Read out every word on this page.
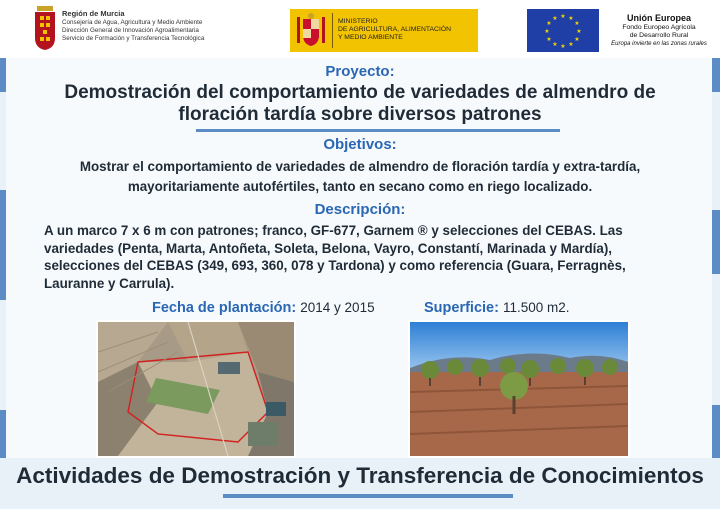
Región de Murcia
Consejería de Agua, Agricultura y Medio Ambiente
Dirección General de Innovación Agroalimentaria
Servicio de Formación y Transferencia Tecnológica
MINISTERIO
DE AGRICULTURA, ALIMENTACIÓN
Y MEDIO AMBIENTE
★ ★
★
★
★
★
★
★
★
★
★
★	Unión Europea
Fondo Europeo Agrícola
de Desarrollo Rural
Europa invierte en las zonas rurales
Proyecto:
Demostración del comportamiento de variedades de almendro de
floración tardía sobre diversos patrones
Objetivos:
Mostrar el comportamiento de variedades de almendro de floración tardía y extra-tardía,
mayoritariamente autofértiles, tanto en secano como en riego localizado.
Descripción:
A un marco 7 x 6 m con patrones; franco, GF-677, Garnem ® y selecciones del CEBAS. Las
variedades (Penta, Marta, Antoñeta, Soleta, Belona, Vayro, Constantí, Marinada y Mardía),
selecciones del CEBAS (349, 693, 360, 078 y Tardona) y como referencia (Guara, Ferragnès,
Lauranne y Carrula).
Fecha de plantación: 2014 y 2015	Superficie: 11.500 m2.
Actividades de Demostración y Transferencia de Conocimientos
